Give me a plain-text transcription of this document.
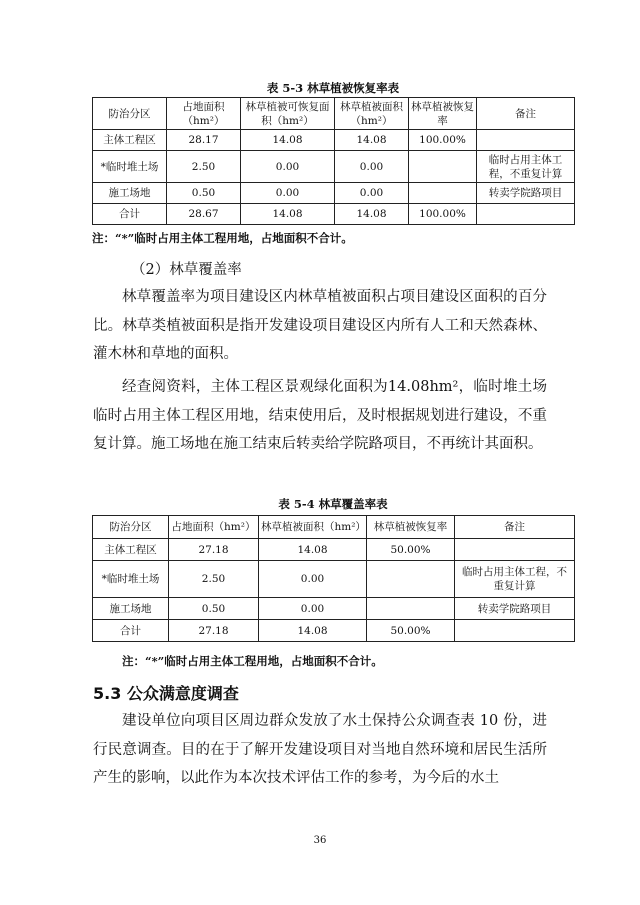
表 5-3 林草植被恢复率表
防治分区	占地面积（hm²）	林草植被可恢复面积（hm²）	林草植被面积（hm²）	林草植被恢复率	备注
主体工程区	28.17	14.08	14.08	100.00%	
*临时堆土场	2.50	0.00	0.00		临时占用主体工程，不重复计算
施工场地	0.50	0.00	0.00		转卖学院路项目
合计	28.67	14.08	14.08	100.00%	
注：“*”临时占用主体工程用地，占地面积不合计。
（2）林草覆盖率
林草覆盖率为项目建设区内林草植被面积占项目建设区面积的百分比。林草类植被面积是指开发建设项目建设区内所有人工和天然森林、灌木林和草地的面积。
经查阅资料，主体工程区景观绿化面积为14.08hm²，临时堆土场临时占用主体工程区用地，结束使用后，及时根据规划进行建设，不重复计算。施工场地在施工结束后转卖给学院路项目，不再统计其面积。
表 5-4 林草覆盖率表
防治分区	占地面积（hm²）	林草植被面积（hm²）	林草植被恢复率	备注
主体工程区	27.18	14.08	50.00%	
*临时堆土场	2.50	0.00		临时占用主体工程，不重复计算
施工场地	0.50	0.00		转卖学院路项目
合计	27.18	14.08	50.00%	
注：“*”临时占用主体工程用地，占地面积不合计。
5.3 公众满意度调查
建设单位向项目区周边群众发放了水土保持公众调查表 10 份，进行民意调查。目的在于了解开发建设项目对当地自然环境和居民生活所产生的影响，以此作为本次技术评估工作的参考，为今后的水土
36
